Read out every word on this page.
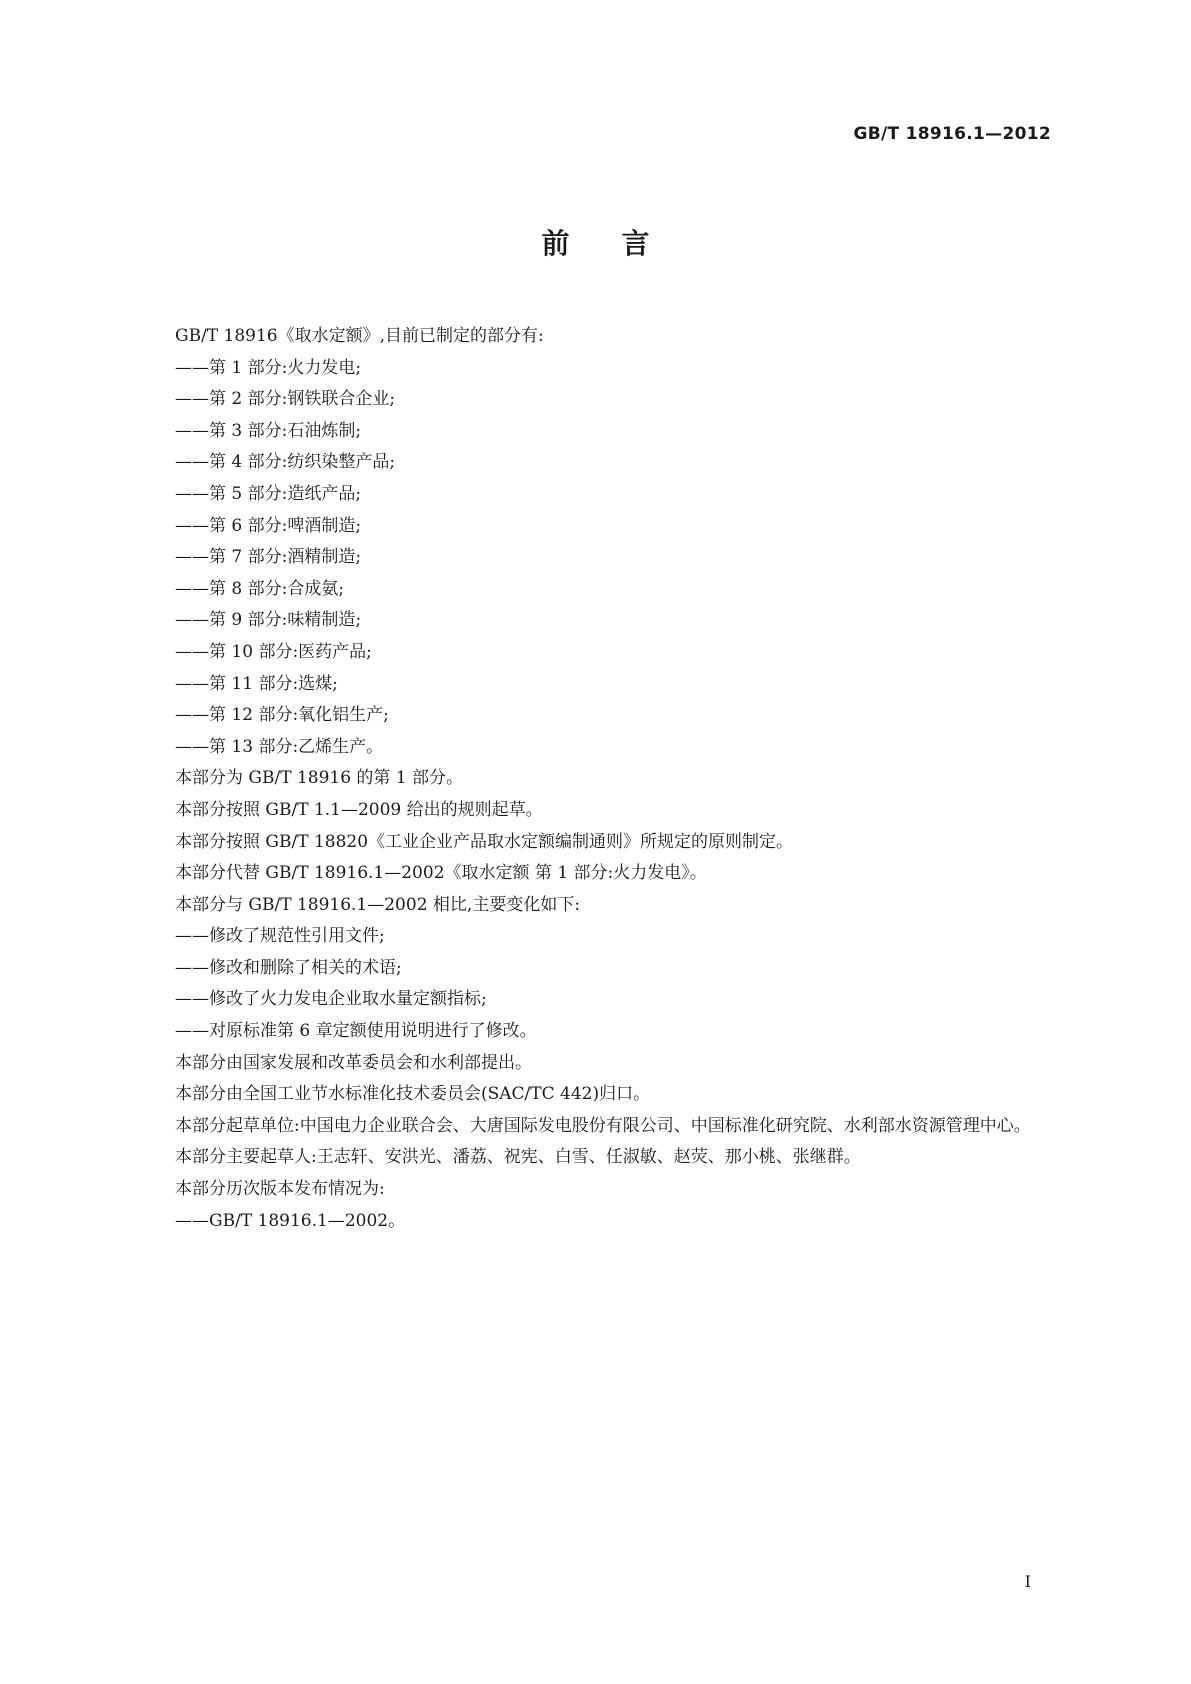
GB/T 18916.1—2012
前言

GB/T 18916《取水定额》,目前已制定的部分有:

——第 1 部分:火力发电;

——第 2 部分:钢铁联合企业;

——第 3 部分:石油炼制;

——第 4 部分:纺织染整产品;

——第 5 部分:造纸产品;

——第 6 部分:啤酒制造;

——第 7 部分:酒精制造;

——第 8 部分:合成氨;

——第 9 部分:味精制造;

——第 10 部分:医药产品;

——第 11 部分:选煤;

——第 12 部分:氧化铝生产;

——第 13 部分:乙烯生产。

本部分为 GB/T 18916 的第 1 部分。

本部分按照 GB/T 1.1—2009 给出的规则起草。

本部分按照 GB/T 18820《工业企业产品取水定额编制通则》所规定的原则制定。

本部分代替 GB/T 18916.1—2002《取水定额 第 1 部分:火力发电》。

本部分与 GB/T 18916.1—2002 相比,主要变化如下:

——修改了规范性引用文件;

——修改和删除了相关的术语;

——修改了火力发电企业取水量定额指标;

——对原标准第 6 章定额使用说明进行了修改。

本部分由国家发展和改革委员会和水利部提出。

本部分由全国工业节水标准化技术委员会(SAC/TC 442)归口。

本部分起草单位:中国电力企业联合会、大唐国际发电股份有限公司、中国标准化研究院、水利部水资源管理中心。

本部分主要起草人:王志轩、安洪光、潘荔、祝宪、白雪、任淑敏、赵荧、那小桃、张继群。

本部分历次版本发布情况为:

——GB/T 18916.1—2002。

I
